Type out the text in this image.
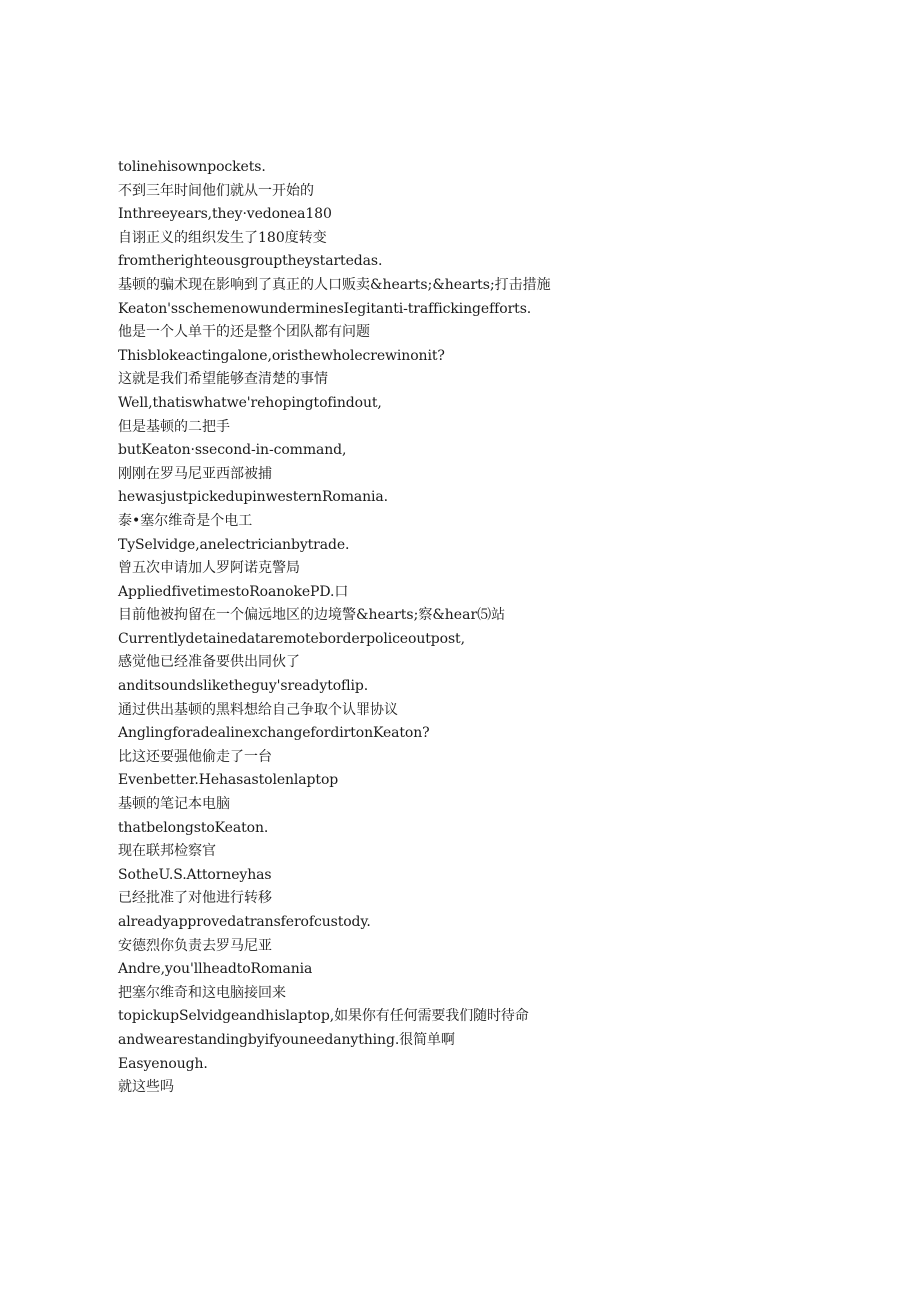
tolinehisownpockets.
不到三年时间他们就从一开始的
Inthreeyears,they·vedonea180
自诩正义的组织发生了180度转变
fromtherighteousgrouptheystartedas.
基顿的骗术现在影响到了真正的人口贩卖&hearts;&hearts;打击措施
Keaton'sschemenowunderminesIegitanti-traffickingefforts.
他是一个人单干的还是整个团队都有问题
Thisblokeactingalone,oristhewholecrewinonit?
这就是我们希望能够查清楚的事情
Well,thatiswhatwe'rehopingtofindout,
但是基顿的二把手
butKeaton·ssecond-in-command,
刚刚在罗马尼亚西部被捕
hewasjustpickedupinwesternRomania.
泰•塞尔维奇是个电工
TySelvidge,anelectricianbytrade.
曾五次申请加人罗阿诺克警局
AppliedfivetimestoRoanokePD.口
目前他被拘留在一个偏远地区的边境警&hearts;察&hear⑸站
Currentlydetainedataremoteborderpoliceoutpost,
感觉他已经准备要供出同伙了
anditsoundsliketheguy'sreadytoflip.
通过供出基顿的黑料想给自己争取个认罪协议
AnglingforadealinexchangefordirtonKeaton?
比这还要强他偷走了一台
Evenbetter.Hehasastolenlaptop
基顿的笔记本电脑
thatbelongstoKeaton.
现在联邦检察官
SotheU.S.Attorneyhas
已经批准了对他进行转移
alreadyapprovedatransferofcustody.
安德烈你负责去罗马尼亚
Andre,you'llheadtoRomania
把塞尔维奇和这电脑接回来
topickupSelvidgeandhislaptop,如果你有任何需要我们随时待命
andwearestandingbyifyouneedanything.很简单啊
Easyenough.
就这些吗
